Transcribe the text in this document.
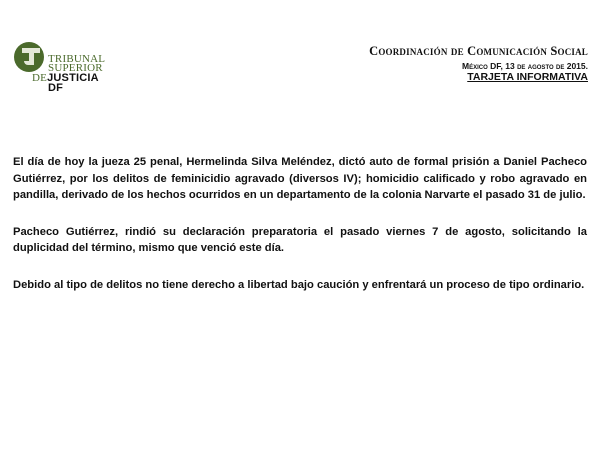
TRIBUNAL
SUPERIOR
DEJUSTICIA
DF
Coordinación de Comunicación Social
México DF, 13 de agosto de 2015.
TARJETA INFORMATIVA

El día de hoy la jueza 25 penal, Hermelinda Silva Meléndez, dictó auto de formal prisión a Daniel Pacheco Gutiérrez, por los delitos de feminicidio agravado (diversos IV); homicidio calificado y robo agravado en pandilla, derivado de los hechos ocurridos en un departamento de la colonia Narvarte el pasado 31 de julio.

Pacheco Gutiérrez, rindió su declaración preparatoria el pasado viernes 7 de agosto, solicitando la duplicidad del término, mismo que venció este día.

Debido al tipo de delitos no tiene derecho a libertad bajo caución y enfrentará un proceso de tipo ordinario.
